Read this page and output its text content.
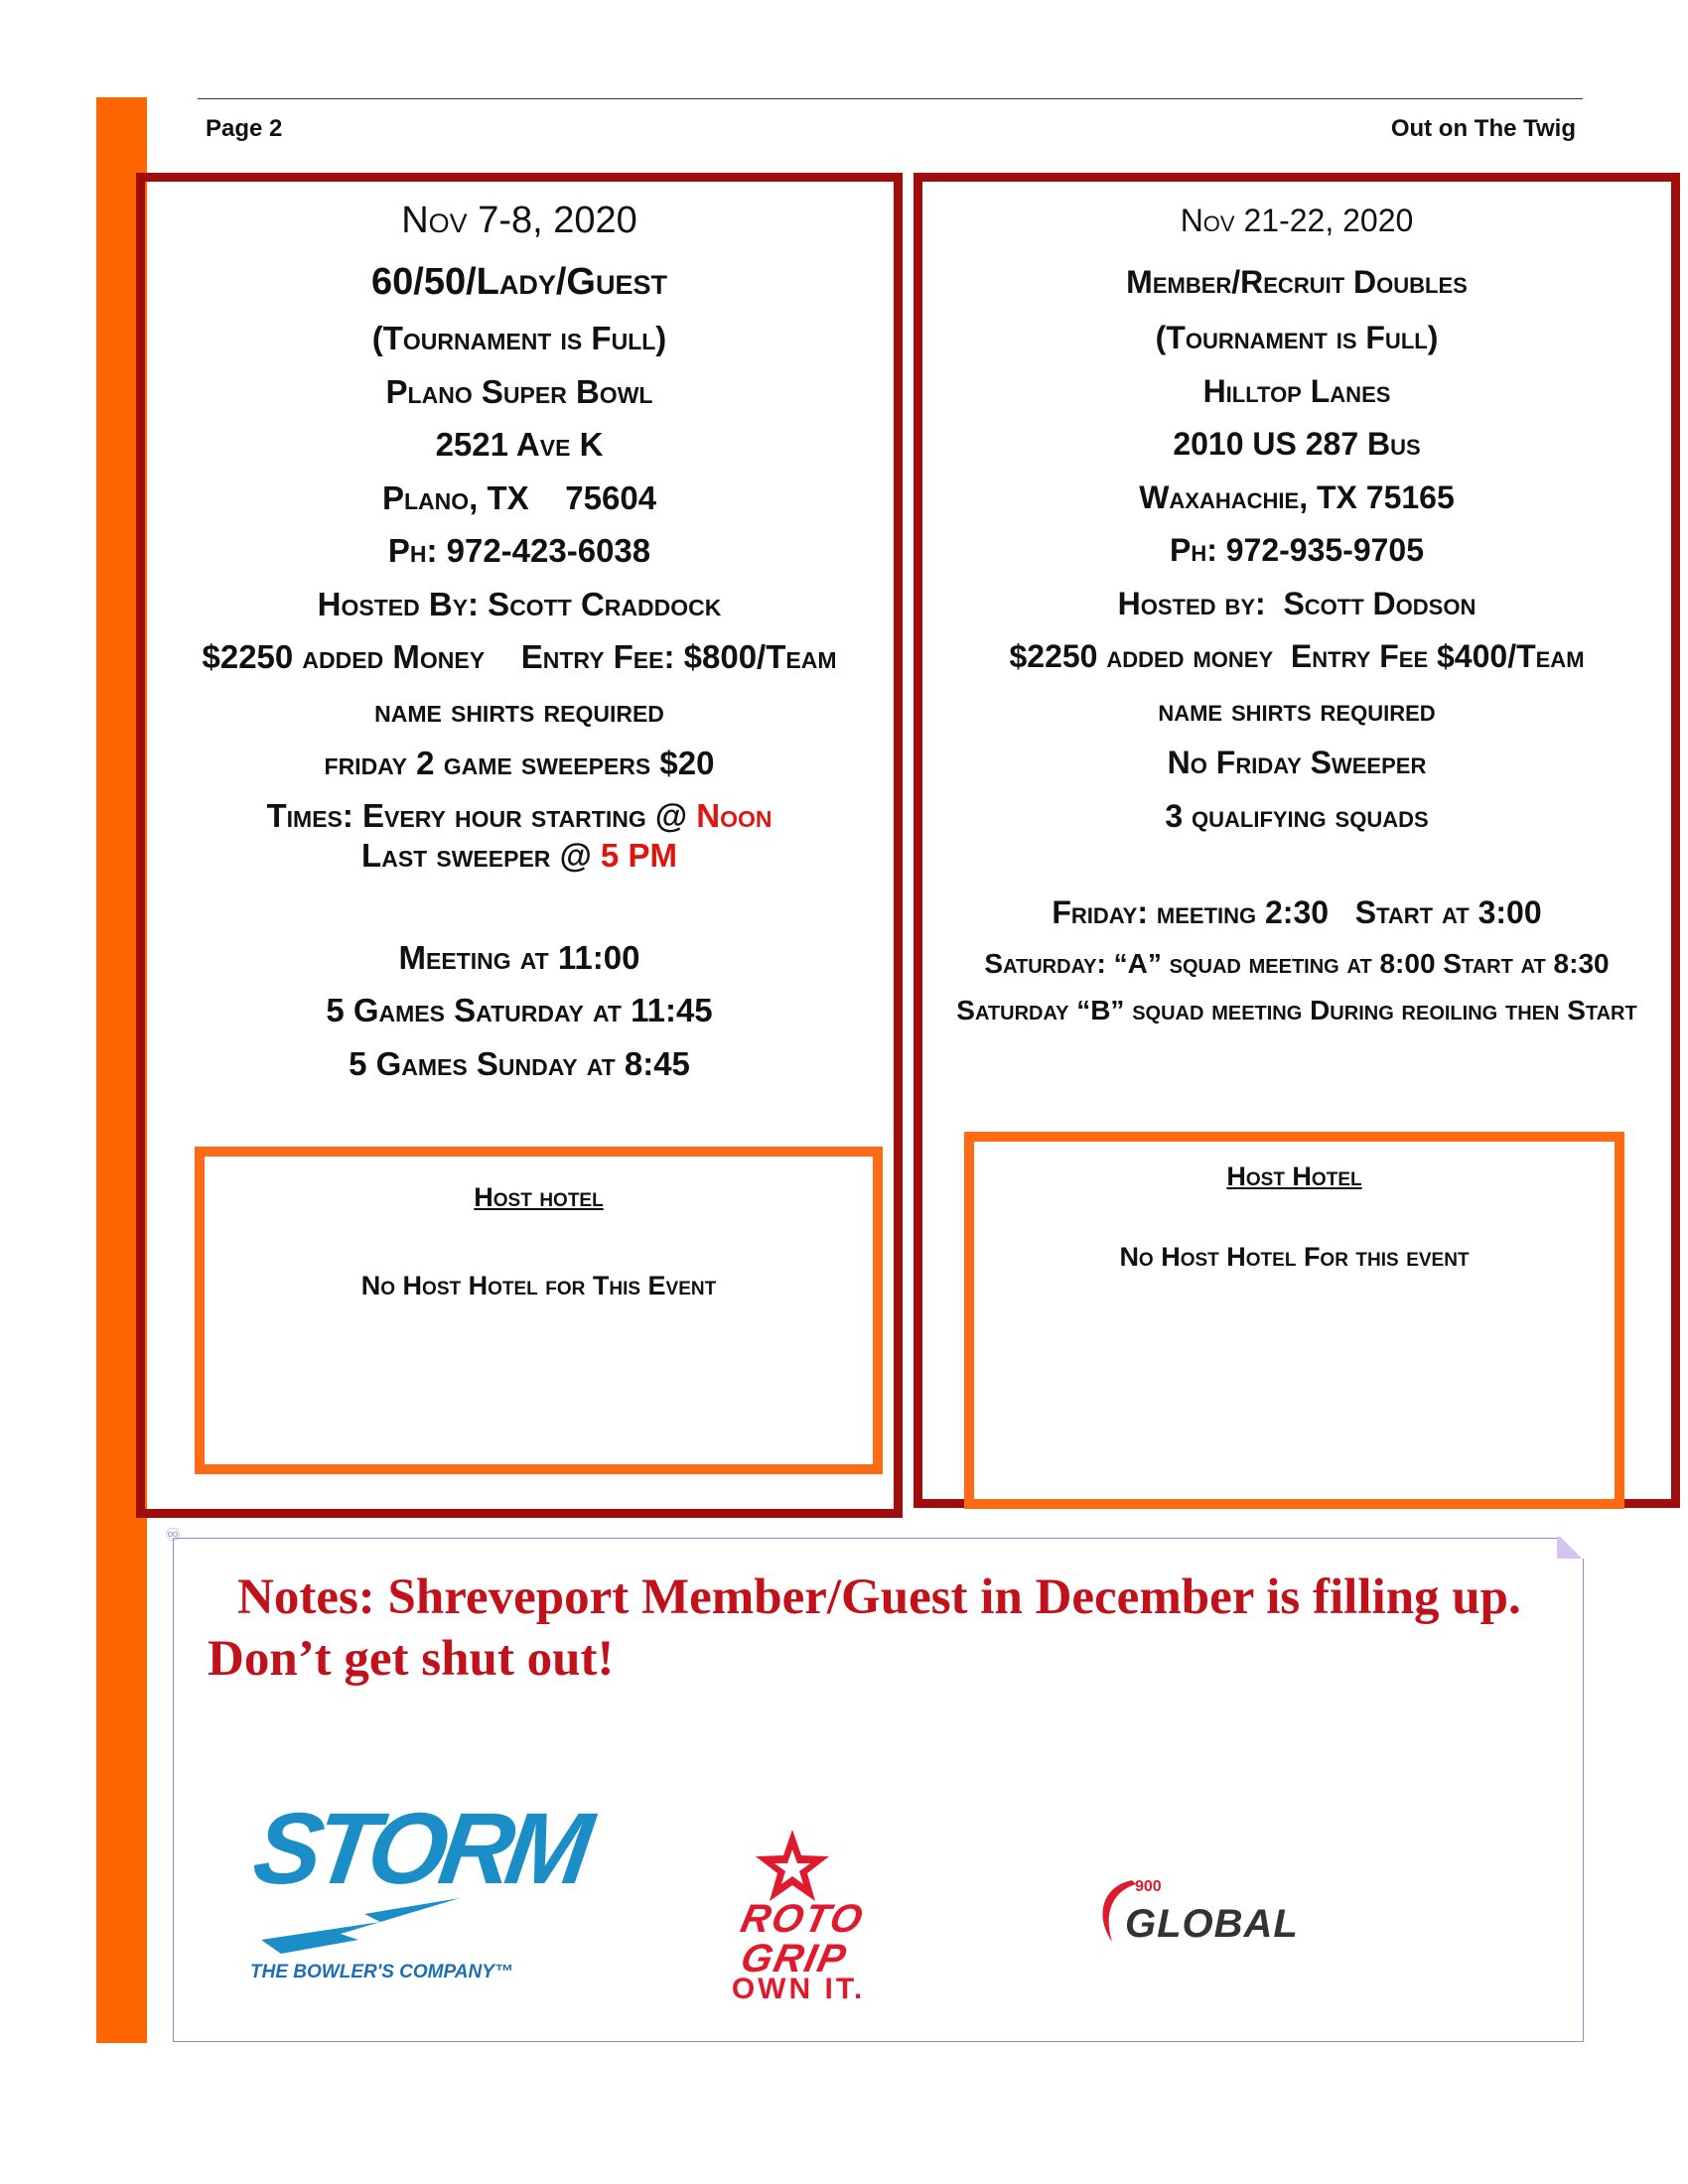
Page 2	Out on The Twig
Nov 7-8, 2020
60/50/Lady/Guest
(Tournament is Full)
Plano Super Bowl
2521 Ave K
Plano, TX    75604
Ph: 972-423-6038
Hosted By: Scott Craddock
$2250 added Money    Entry Fee: $800/Team
name shirts required
friday 2 game sweepers $20
Times: Every hour starting @ Noon
Last sweeper @ 5 PM
Meeting at 11:00
5 Games Saturday at 11:45
5 Games Sunday at 8:45
Host hotel
No Host Hotel for This Event
Nov 21-22, 2020
Member/Recruit Doubles
(Tournament is Full)
Hilltop Lanes
2010 US 287 Bus
Waxahachie, TX 75165
Ph: 972-935-9705
Hosted by:  Scott Dodson
$2250 added money  Entry Fee $400/Team
name shirts required
No Friday Sweeper
3 qualifying squads
Friday: meeting 2:30   Start at 3:00
Saturday: “A” squad meeting at 8:00 Start at 8:30
Saturday “B” squad meeting During reoiling then Start
Host Hotel
No Host Hotel For this event
♾
Notes: Shreveport Member/Guest in December is filling up. Don’t get shut out!
STORM
THE BOWLER'S COMPANY™
ROTO
GRIP
OWN IT.
900
GLOBAL
